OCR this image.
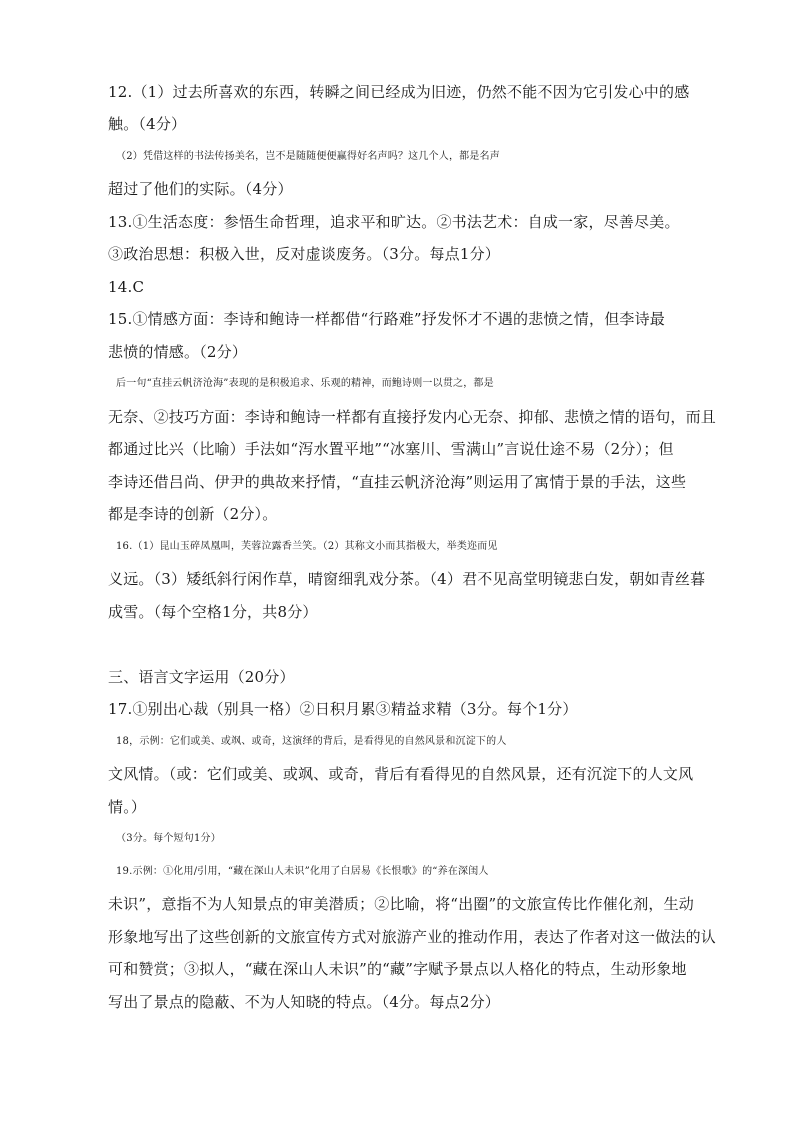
12.（1）过去所喜欢的东西，转瞬之间已经成为旧迹，仍然不能不因为它引发心中的感
触。（4分）
（2）凭借这样的书法传扬美名，岂不是随随便便赢得好名声吗？这几个人，都是名声
超过了他们的实际。（4分）
13.①生活态度：参悟生命哲理，追求平和旷达。②书法艺术：自成一家，尽善尽美。
③政治思想：积极入世，反对虚谈废务。（3分。每点1分）
14.C
15.①情感方面：李诗和鲍诗一样都借“行路难”抒发怀才不遇的悲愤之情，但李诗最
悲愤的情感。（2分）
后一句“直挂云帆济沧海”表现的是积极追求、乐观的精神，而鲍诗则一以贯之，都是
无奈、②技巧方面：李诗和鲍诗一样都有直接抒发内心无奈、抑郁、悲愤之情的语句，而且
都通过比兴（比喻）手法如“泻水置平地”“冰塞川、雪满山”言说仕途不易（2分）；但
李诗还借吕尚、伊尹的典故来抒情，“直挂云帆济沧海”则运用了寓情于景的手法，这些
都是李诗的创新（2分）。
16.（1）昆山玉碎凤凰叫，芙蓉泣露香兰笑。（2）其称文小而其指极大，举类迩而见
义远。（3）矮纸斜行闲作草，晴窗细乳戏分茶。（4）君不见高堂明镜悲白发，朝如青丝暮
成雪。（每个空格1分，共8分）
三、语言文字运用（20分）
17.①别出心裁（别具一格）②日积月累③精益求精（3分。每个1分）
18，示例：它们或美、或飒、或奇，这演绎的背后，是看得见的自然风景和沉淀下的人
文风情。（或：它们或美、或飒、或奇，背后有看得见的自然风景，还有沉淀下的人文风
情。）
（3分。每个短句1分）
19.示例：①化用/引用，“藏在深山人未识”化用了白居易《长恨歌》的“养在深闺人
未识”，意指不为人知景点的审美潜质；②比喻，将“出圈”的文旅宣传比作催化剂，生动
形象地写出了这些创新的文旅宣传方式对旅游产业的推动作用，表达了作者对这一做法的认
可和赞赏；③拟人，“藏在深山人未识”的“藏”字赋予景点以人格化的特点，生动形象地
写出了景点的隐蔽、不为人知晓的特点。（4分。每点2分）
